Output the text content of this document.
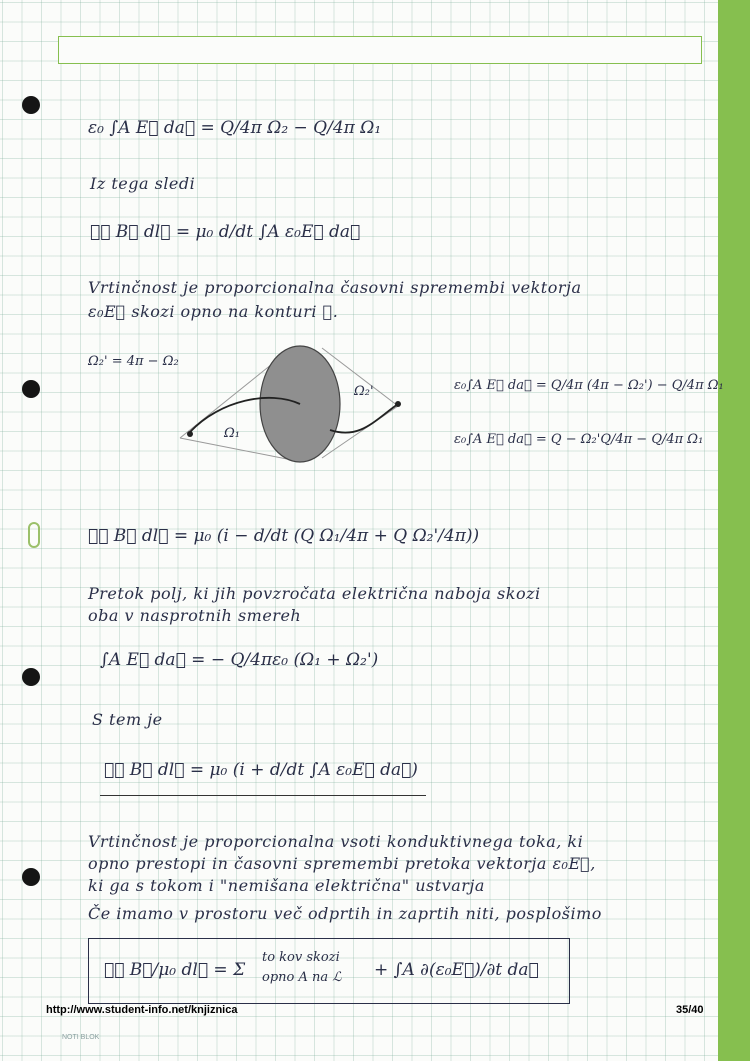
ε₀ ∫A E⃗ da⃗ = Q/4π Ω₂ − Q/4π Ω₁

Iz tega sledi

∮ℒ B⃗ dl⃗ = μ₀ d/dt ∫A ε₀E⃗ da⃗

Vrtinčnost je proporcionalna časovni spremembi vektorja

ε₀E⃗ skozi opno na konturi ℒ.

Ω₂' = 4π − Ω₂

Ω₁

Ω₂'	ε₀∫A E⃗ da⃗ = Q/4π (4π − Ω₂') − Q/4π Ω₁

ε₀∫A E⃗ da⃗ = Q − Ω₂'Q/4π − Q/4π Ω₁

∮ℒ B⃗ dl⃗ = μ₀ (i − d/dt (Q Ω₁/4π + Q Ω₂'/4π))

Pretok polj, ki jih povzročata električna naboja skozi

oba v nasprotnih smereh

∫A E⃗ da⃗ = − Q/4πε₀ (Ω₁ + Ω₂')

S tem je

∮ℒ B⃗ dl⃗ = μ₀ (i + d/dt ∫A ε₀E⃗ da⃗)

Vrtinčnost je proporcionalna vsoti konduktivnega toka, ki

opno prestopi in časovni spremembi pretoka vektorja ε₀E⃗,

ki ga s tokom i "nemišana električna" ustvarja

Če imamo v prostoru več odprtih in zaprtih niti, posplošimo

∮ℒ B⃗/μ₀ dl⃗ = Σ

to kov skozi

opno A na ℒ + ∫A ∂(ε₀E⃗)/∂t da⃗

http://www.student-info.net/knjiznica	35/40
NOTI BLOK
